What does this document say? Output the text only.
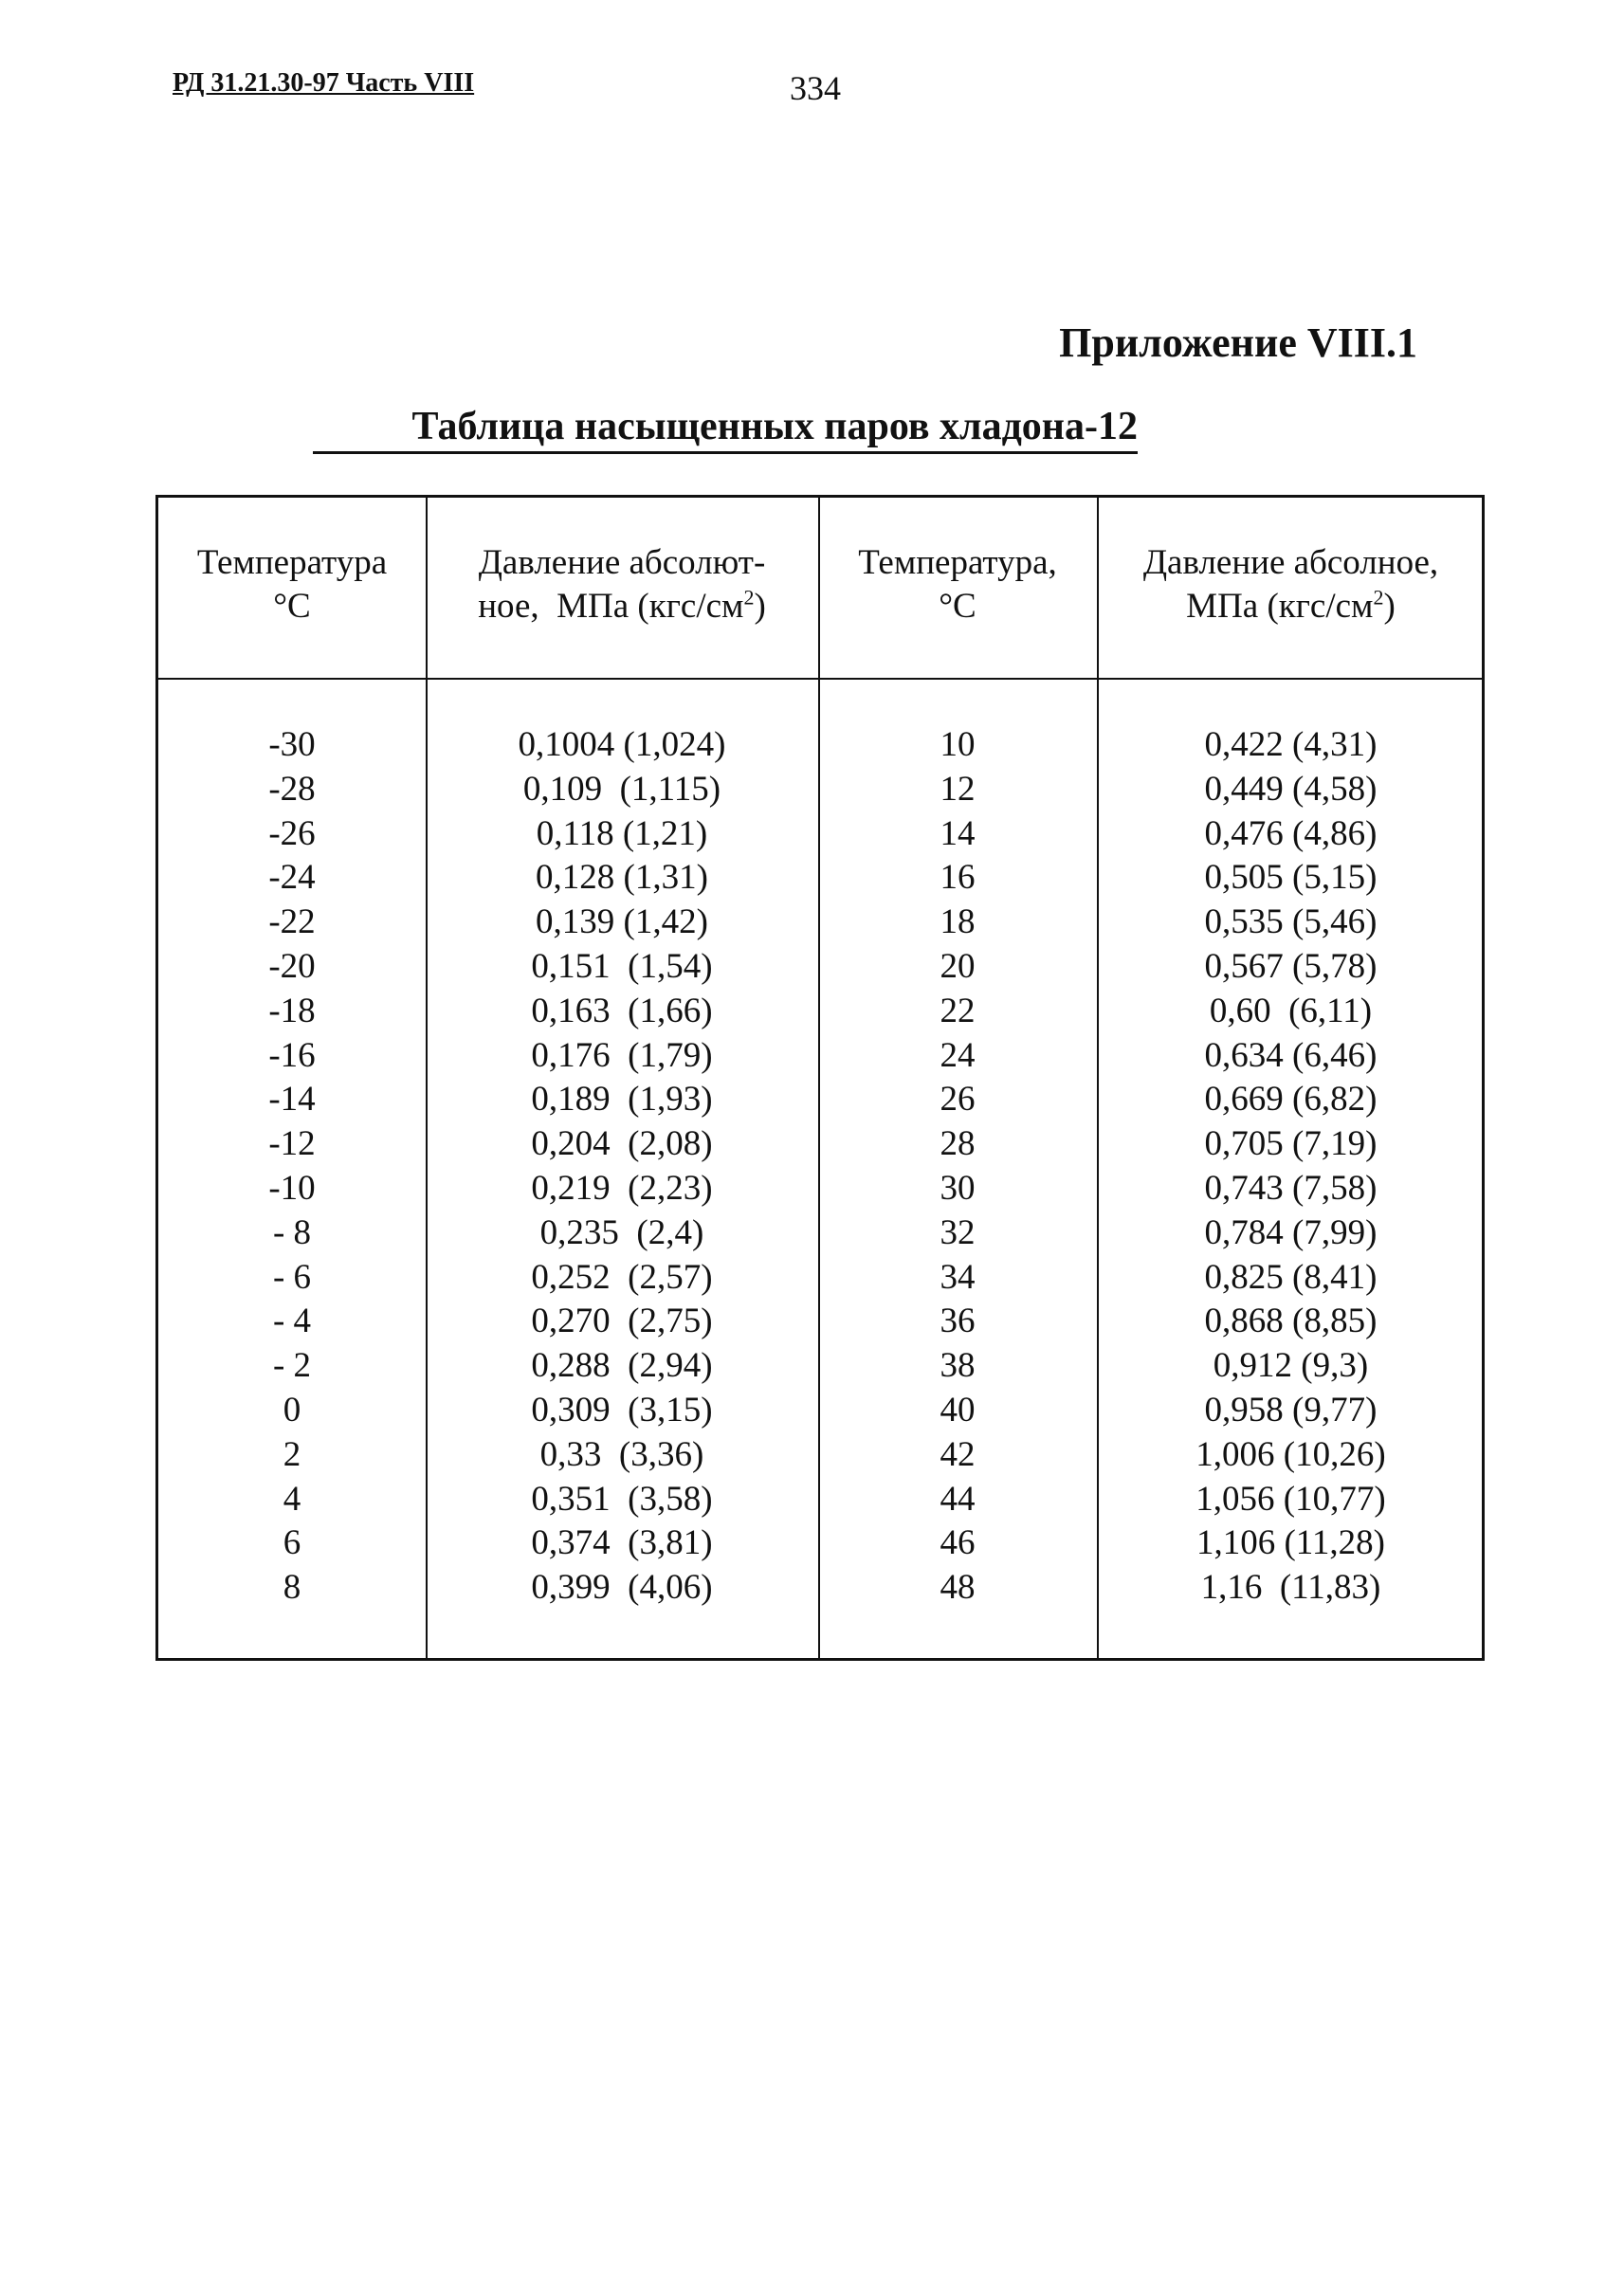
РД 31.21.30-97 Часть VIII	334
Приложение VIII.1
Таблица насыщенных паров хладона-12
Температура
°С
Давление абсолют-
ное,  МПа $(кгс/см^2)$
Температура,
°С
Давление абсолное,
МПа $(кгс/см^2)$
-30
-28
-26
-24
-22
-20
-18
-16
-14
-12
-10
- 8
- 6
- 4
- 2
0
2
4
6
8
0,1004 (1,024)
0,109  (1,115)
0,118 (1,21)
0,128 (1,31)
0,139 (1,42)
0,151  (1,54)
0,163  (1,66)
0,176  (1,79)
0,189  (1,93)
0,204  (2,08)
0,219  (2,23)
0,235  (2,4)
0,252  (2,57)
0,270  (2,75)
0,288  (2,94)
0,309  (3,15)
0,33  (3,36)
0,351  (3,58)
0,374  (3,81)
0,399  (4,06)
10
12
14
16
18
20
22
24
26
28
30
32
34
36
38
40
42
44
46
48
0,422 (4,31)
0,449 (4,58)
0,476 (4,86)
0,505 (5,15)
0,535 (5,46)
0,567 (5,78)
0,60  (6,11)
0,634 (6,46)
0,669 (6,82)
0,705 (7,19)
0,743 (7,58)
0,784 (7,99)
0,825 (8,41)
0,868 (8,85)
0,912 (9,3)
0,958 (9,77)
1,006 (10,26)
1,056 (10,77)
1,106 (11,28)
1,16  (11,83)
